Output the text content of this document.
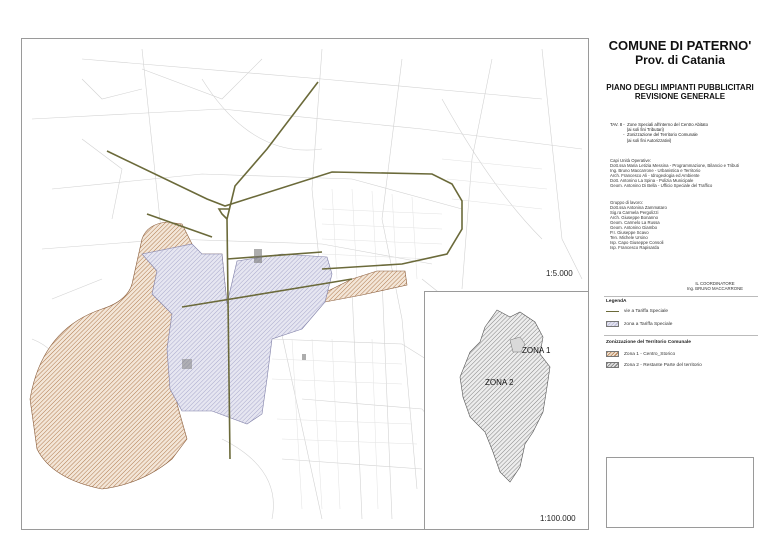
1:5.000
1:100.000
ZONA 1
ZONA 2
COMUNE DI PATERNO'
Prov. di Catania
PIANO DEGLI IMPIANTI PUBBLICITARI
REVISIONE GENERALE
TAV. 8 -  Zone Speciali all'interno del Centro Abitato
(ai soli fini Tributari)
-  Zonizzazione del Territorio Comunale
(ai soli fini Autorizzativi)
Capi Unità Operative:
Dott.ssa Maria Letizia Messina - Programmazione, Bilancio e Tributi
Ing. Bruno Maccarrone - Urbanistica e Territorio
Arch. Francesco Ali - Idrogeologia ed Ambiente
Dott. Antonino La Spina - Polizia Municipale
Geom. Antonino Di Bella - Ufficio Speciale del Traffico
Gruppo di lavoro:
Dott.ssa Antonina Zammataro
Sig.ra Carmela Pergolizzi
Arch. Giuseppe Bonanno
Geom. Carmelo La Russa
Geom. Antonino Giambo
P.I. Giuseppe Scavo
Ten. Michele Ursino
Isp. Capo Giuseppe Consoli
Isp. Francesco Rapisarda
IL COORDINATORE
Ing. BRUNO MACCARRONE
LegendA
vie a Tariffa Speciale
zona a Tariffa Speciale
Zonizzazione del Territorio Comunale
Zona 1 - Centro_Storico
Zona 2 - Restante Parte del territorio
